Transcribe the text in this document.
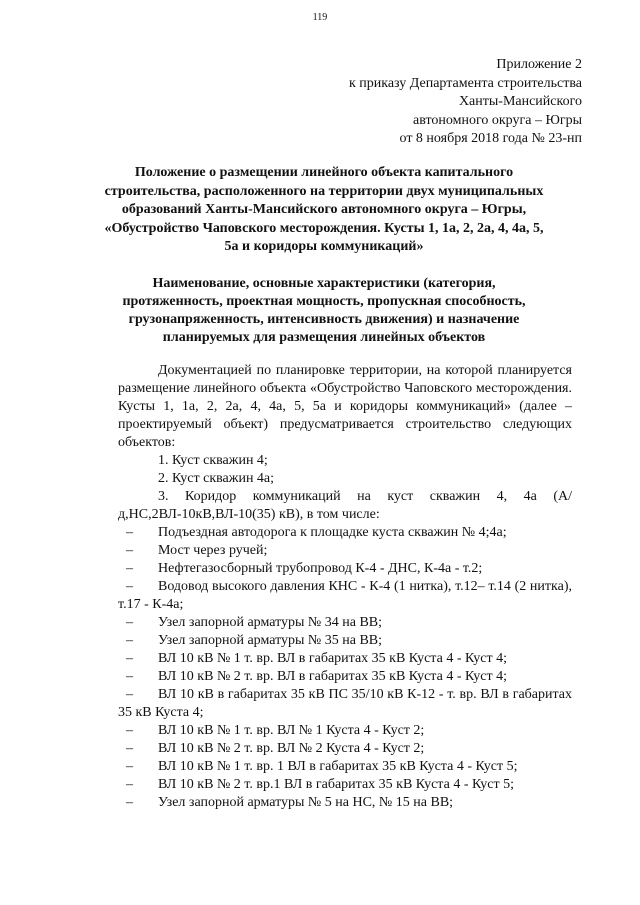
119
Приложение 2
к приказу Департамента строительства
Ханты-Мансийского
автономного округа – Югры
от 8 ноября 2018 года № 23-нп
Положение о размещении линейного объекта капитального
строительства, расположенного на территории двух муниципальных
образований Ханты-Мансийского автономного округа – Югры,
«Обустройство Чаповского месторождения. Кусты 1, 1а, 2, 2а, 4, 4а, 5,
5а и коридоры коммуникаций»
Наименование, основные характеристики (категория,
протяженность, проектная мощность, пропускная способность,
грузонапряженность, интенсивность движения) и назначение
планируемых для размещения линейных объектов

Документацией по планировке территории, на которой планируется размещение линейного объекта «Обустройство Чаповского месторождения. Кусты 1, 1а, 2, 2а, 4, 4а, 5, 5а и коридоры коммуникаций» (далее – проектируемый объект) предусматривается строительство следующих объектов:

1. Куст скважин 4;

2. Куст скважин 4а;

3. Коридор коммуникаций на куст скважин 4, 4а (А/д,НС,2ВЛ-10кВ,ВЛ-10(35) кВ), в том числе:

– Подъездная автодорога к площадке куста скважин № 4;4а;
– Мост через ручей;
– Нефтегазосборный трубопровод К-4 - ДНС, К-4а - т.2;
– Водовод высокого давления КНС - К-4 (1 нитка), т.12– т.14 (2 нитка), т.17 - К-4а;
– Узел запорной арматуры № 34 на ВВ;
– Узел запорной арматуры № 35 на ВВ;
– ВЛ 10 кВ № 1 т. вр. ВЛ в габаритах 35 кВ Куста 4 - Куст 4;
– ВЛ 10 кВ № 2 т. вр. ВЛ в габаритах 35 кВ Куста 4 - Куст 4;
– ВЛ 10 кВ в габаритах 35 кВ ПС 35/10 кВ К-12 - т. вр. ВЛ в габаритах 35 кВ Куста 4;
– ВЛ 10 кВ № 1 т. вр. ВЛ № 1 Куста 4 - Куст 2;
– ВЛ 10 кВ № 2 т. вр. ВЛ № 2 Куста 4 - Куст 2;
– ВЛ 10 кВ № 1 т. вр. 1 ВЛ в габаритах 35 кВ Куста 4 - Куст 5;
– ВЛ 10 кВ № 2 т. вр.1 ВЛ в габаритах 35 кВ Куста 4 - Куст 5;
– Узел запорной арматуры № 5 на НС, № 15 на ВВ;
